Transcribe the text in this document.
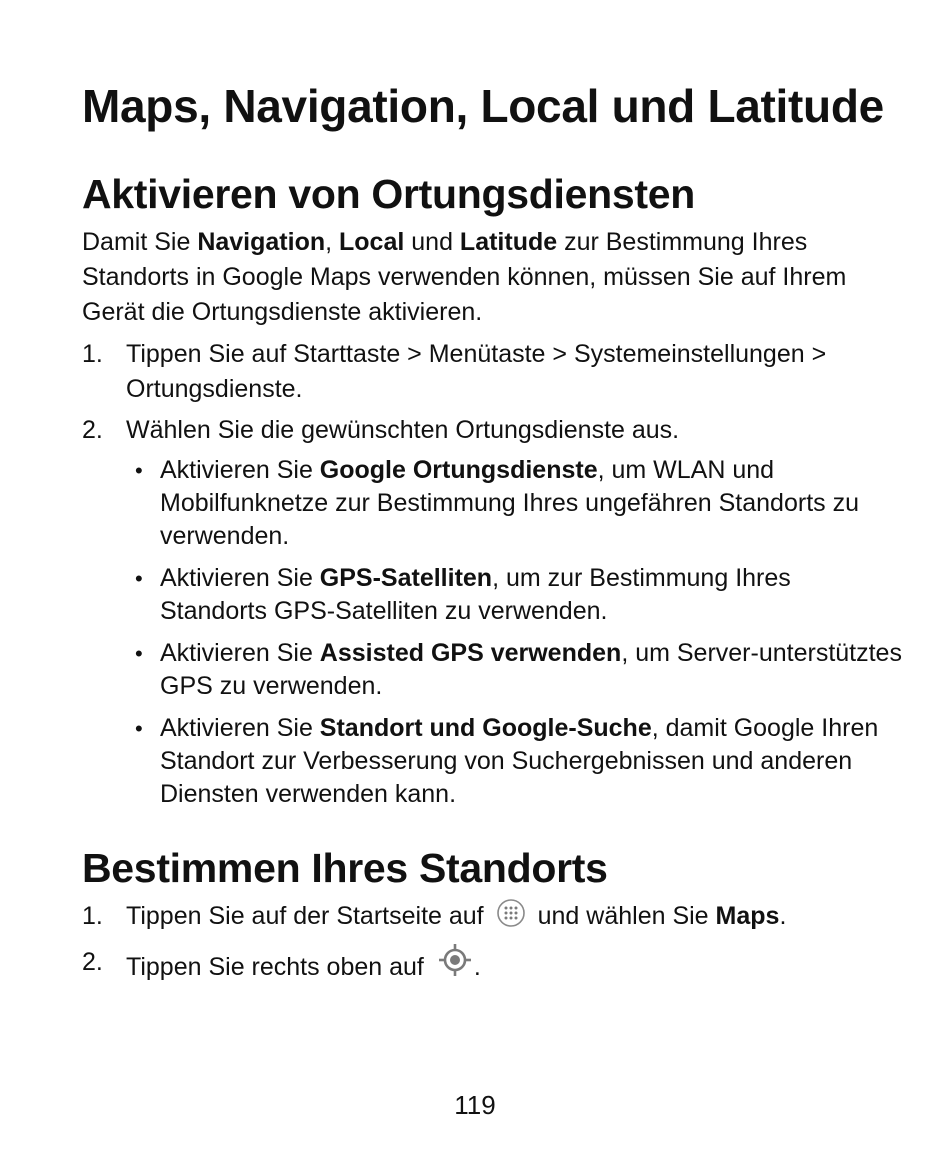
Maps, Navigation, Local und Latitude
Aktivieren von Ortungsdiensten

Damit Sie Navigation, Local und Latitude zur Bestimmung Ihres Standorts in Google Maps verwenden können, müssen Sie auf Ihrem Gerät die Ortungsdienste aktivieren.

1. Tippen Sie auf Starttaste > Menütaste > Systemeinstellungen > Ortungsdienste.
2. Wählen Sie die gewünschten Ortungsdienste aus.
• Aktivieren Sie Google Ortungsdienste, um WLAN und Mobilfunknetze zur Bestimmung Ihres ungefähren Standorts zu verwenden.
• Aktivieren Sie GPS-Satelliten, um zur Bestimmung Ihres Standorts GPS-Satelliten zu verwenden.
• Aktivieren Sie Assisted GPS verwenden, um Server-unterstütztes GPS zu verwenden.
• Aktivieren Sie Standort und Google-Suche, damit Google Ihren Standort zur Verbesserung von Suchergebnissen und anderen Diensten verwenden kann.
Bestimmen Ihres Standorts
1. Tippen Sie auf der Startseite auf und wählen Sie Maps.
2. Tippen Sie rechts oben auf .
119
